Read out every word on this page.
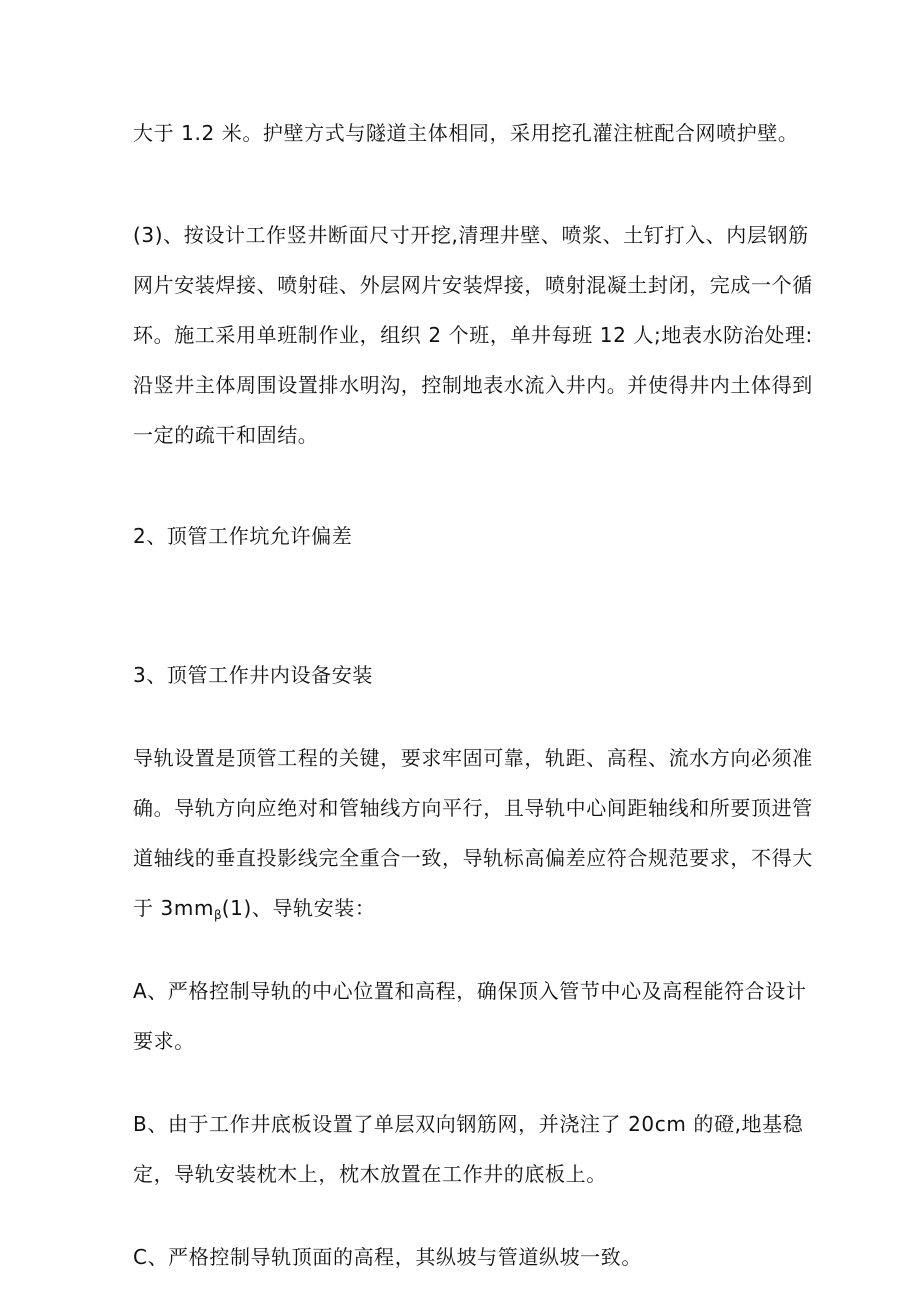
大于 1.2 米。护壁方式与隧道主体相同，采用挖孔灌注桩配合网喷护壁。
(3)、按设计工作竖井断面尺寸开挖,清理井壁、喷浆、土钉打入、内层钢筋
网片安装焊接、喷射硅、外层网片安装焊接，喷射混凝土封闭，完成一个循
环。施工采用单班制作业，组织 2 个班，单井每班 12 人;地表水防治处理:
沿竖井主体周围设置排水明沟，控制地表水流入井内。并使得井内土体得到
一定的疏干和固结。
2、顶管工作坑允许偏差
3、顶管工作井内设备安装
导轨设置是顶管工程的关键，要求牢固可靠，轨距、高程、流水方向必须准
确。导轨方向应绝对和管轴线方向平行，且导轨中心间距轴线和所要顶进管
道轴线的垂直投影线完全重合一致，导轨标高偏差应符合规范要求，不得大
于 $3mm_\beta(1)$、导轨安装：
A、严格控制导轨的中心位置和高程，确保顶入管节中心及高程能符合设计
要求。
B、由于工作井底板设置了单层双向钢筋网，并浇注了 20cm 的磴,地基稳
定，导轨安装枕木上，枕木放置在工作井的底板上。
C、严格控制导轨顶面的高程，其纵坡与管道纵坡一致。
